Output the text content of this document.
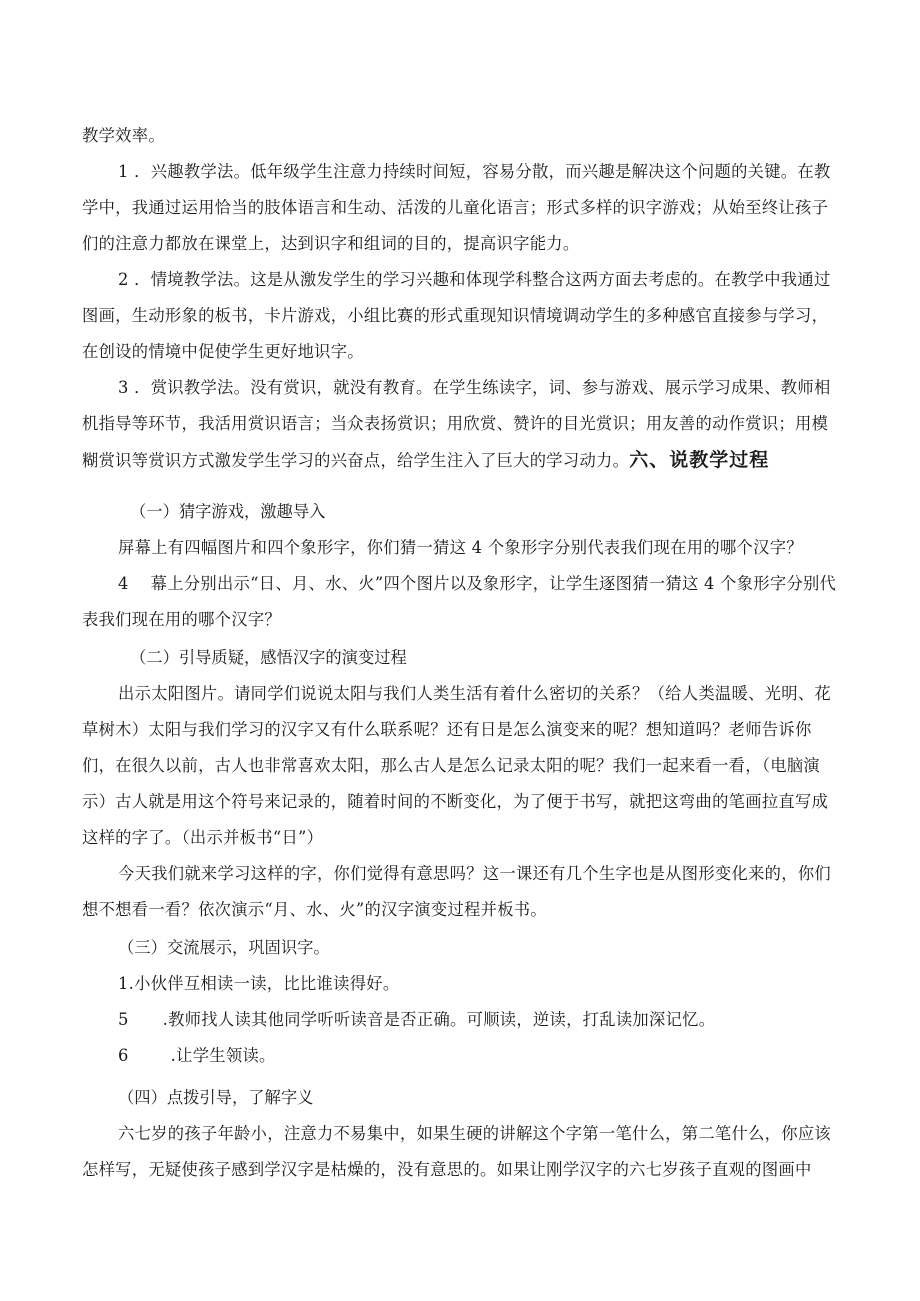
教学效率。

1 ．兴趣教学法。低年级学生注意力持续时间短，容易分散，而兴趣是解决这个问题的关键。在教学中，我通过运用恰当的肢体语言和生动、活泼的儿童化语言；形式多样的识字游戏；从始至终让孩子们的注意力都放在课堂上，达到识字和组词的目的，提高识字能力。

2 ．情境教学法。这是从激发学生的学习兴趣和体现学科整合这两方面去考虑的。在教学中我通过图画，生动形象的板书，卡片游戏，小组比赛的形式重现知识情境调动学生的多种感官直接参与学习，在创设的情境中促使学生更好地识字。

3 ．赏识教学法。没有赏识，就没有教育。在学生练读字，词、参与游戏、展示学习成果、教师相机指导等环节，我活用赏识语言；当众表扬赏识；用欣赏、赞许的目光赏识；用友善的动作赏识；用模糊赏识等赏识方式激发学生学习的兴奋点，给学生注入了巨大的学习动力。六、说教学过程

（一）猜字游戏，激趣导入

屏幕上有四幅图片和四个象形字，你们猜一猜这 4 个象形字分别代表我们现在用的哪个汉字？

4 幕上分别出示“日、月、水、火”四个图片以及象形字，让学生逐图猜一猜这 4 个象形字分别代表我们现在用的哪个汉字？

（二）引导质疑，感悟汉字的演变过程

出示太阳图片。请同学们说说太阳与我们人类生活有着什么密切的关系？（给人类温暖、光明、花草树木）太阳与我们学习的汉字又有什么联系呢？还有日是怎么演变来的呢？想知道吗？老师告诉你们，在很久以前，古人也非常喜欢太阳，那么古人是怎么记录太阳的呢？我们一起来看一看，（电脑演示）古人就是用这个符号来记录的，随着时间的不断变化，为了便于书写，就把这弯曲的笔画拉直写成这样的字了。（出示并板书“日”）

今天我们就来学习这样的字，你们觉得有意思吗？这一课还有几个生字也是从图形变化来的，你们想不想看一看？依次演示“月、水、火”的汉字演变过程并板书。

（三）交流展示，巩固识字。

1.小伙伴互相读一读，比比谁读得好。

5 .教师找人读其他同学听听读音是否正确。可顺读，逆读，打乱读加深记忆。

6	.让学生领读。

（四）点拨引导，了解字义

六七岁的孩子年龄小，注意力不易集中，如果生硬的讲解这个字第一笔什么，第二笔什么，你应该怎样写，无疑使孩子感到学汉字是枯燥的，没有意思的。如果让刚学汉字的六七岁孩子直观的图画中
